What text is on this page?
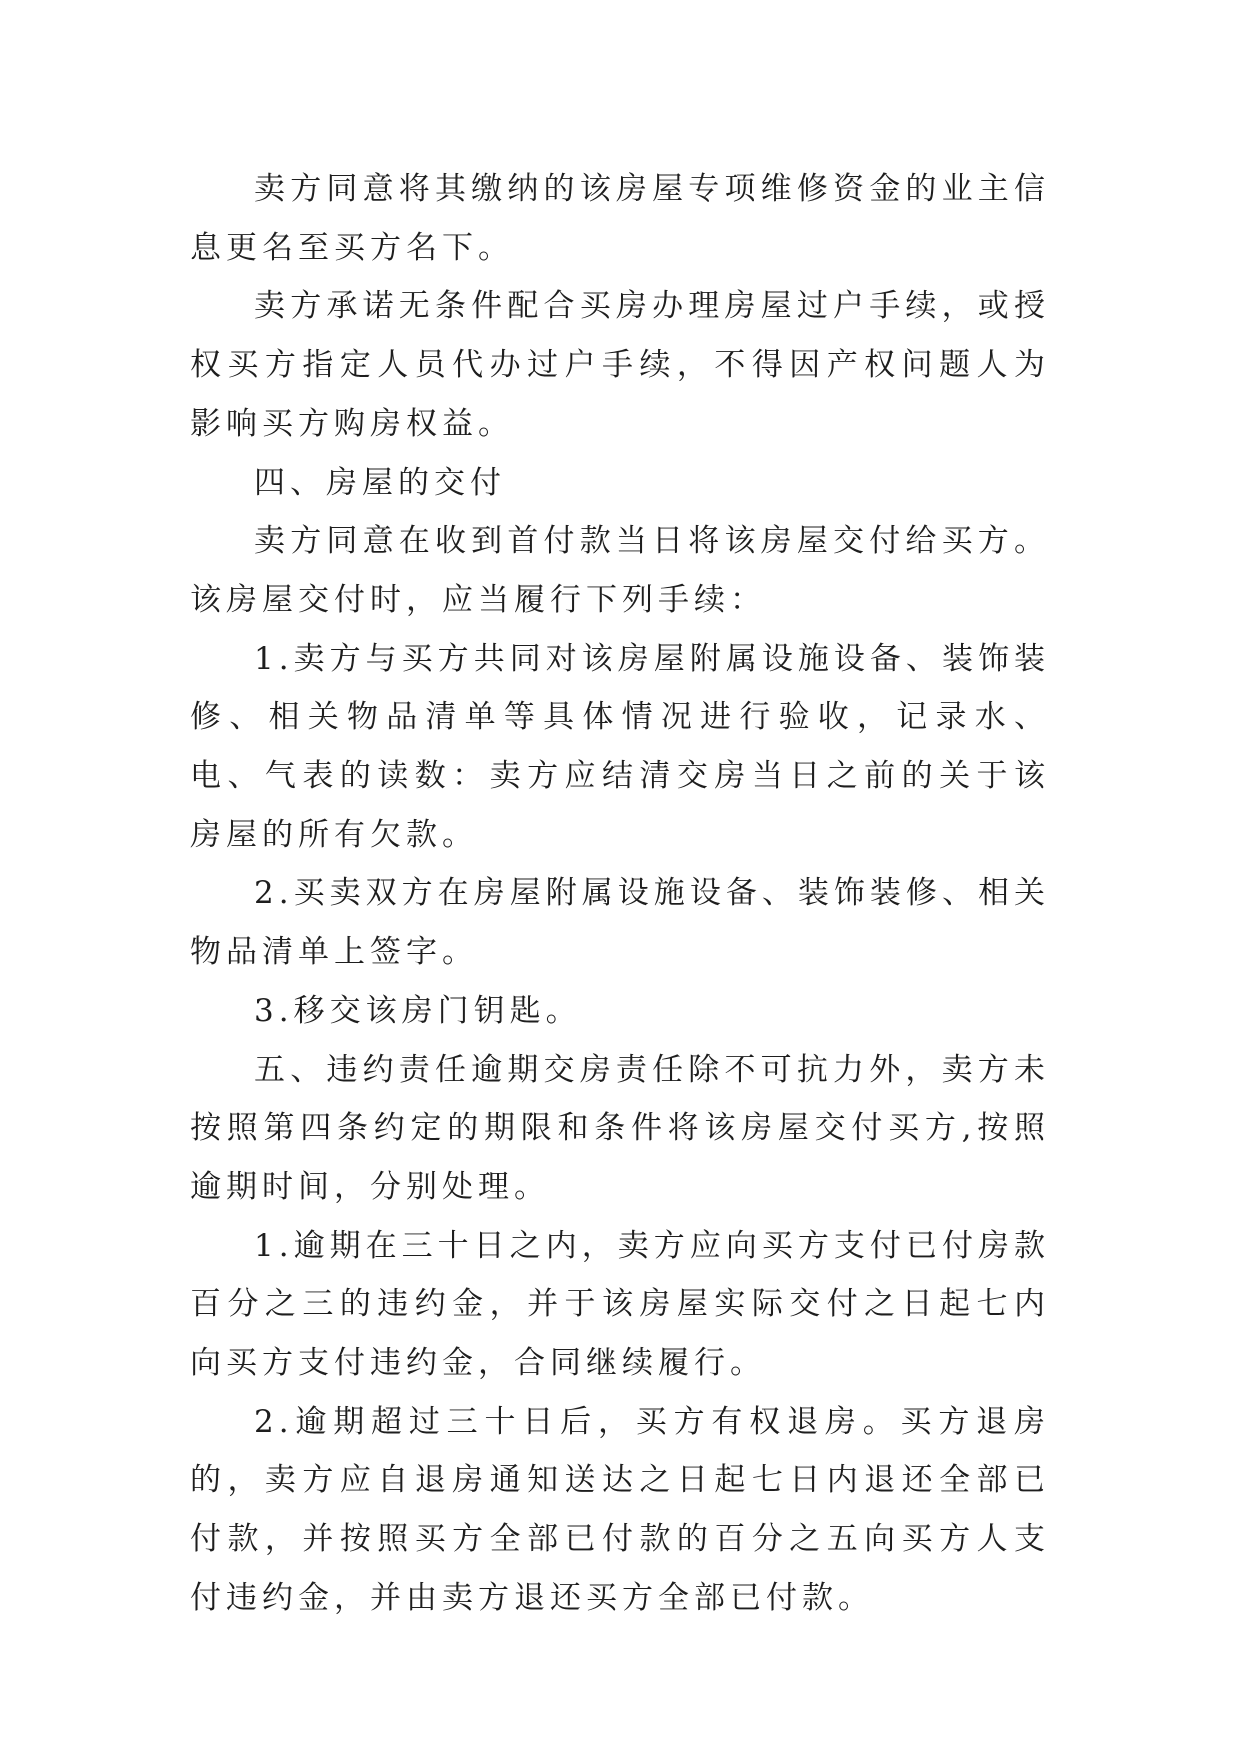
卖方同意将其缴纳的该房屋专项维修资金的业主信息更名至买方名下。

卖方承诺无条件配合买房办理房屋过户手续，或授权买方指定人员代办过户手续，不得因产权问题人为影响买方购房权益。

四、房屋的交付

卖方同意在收到首付款当日将该房屋交付给买方。该房屋交付时，应当履行下列手续：

1.卖方与买方共同对该房屋附属设施设备、装饰装修、相关物品清单等具体情况进行验收，记录水、电、气表的读数：卖方应结清交房当日之前的关于该房屋的所有欠款。

2.买卖双方在房屋附属设施设备、装饰装修、相关物品清单上签字。

3.移交该房门钥匙。

五、违约责任逾期交房责任除不可抗力外，卖方未按照第四条约定的期限和条件将该房屋交付买方,按照逾期时间，分别处理。

1.逾期在三十日之内，卖方应向买方支付已付房款百分之三的违约金，并于该房屋实际交付之日起七内向买方支付违约金，合同继续履行。

2.逾期超过三十日后，买方有权退房。买方退房的，卖方应自退房通知送达之日起七日内退还全部已付款，并按照买方全部已付款的百分之五向买方人支付违约金，并由卖方退还买方全部已付款。
